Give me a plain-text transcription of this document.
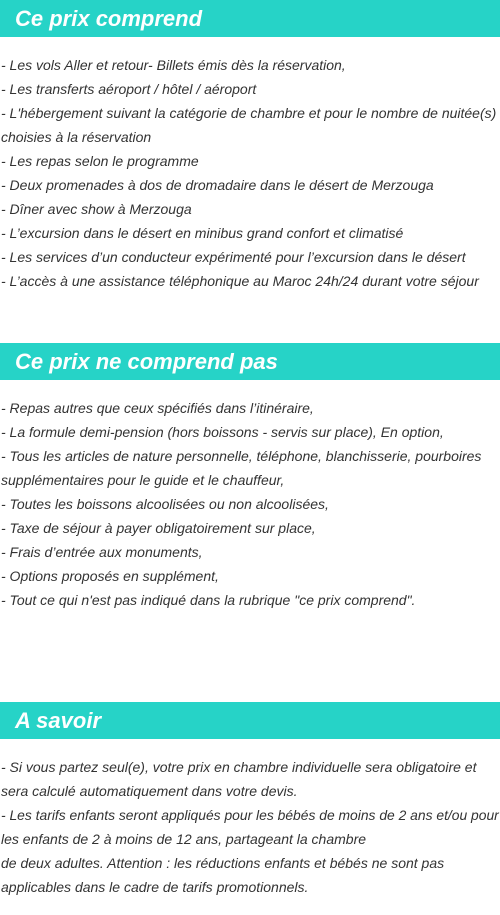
Ce prix comprend
- Les vols Aller et retour- Billets émis dès la réservation,
- Les transferts aéroport / hôtel / aéroport
- L'hébergement suivant la catégorie de chambre et pour le nombre de nuitée(s)
choisies à la réservation
- Les repas selon le programme
- Deux promenades à dos de dromadaire dans le désert de Merzouga
- Dîner avec show à Merzouga
- L’excursion dans le désert en minibus grand confort et climatisé
- Les services d’un conducteur expérimenté pour l’excursion dans le désert
- L’accès à une assistance téléphonique au Maroc 24h/24 durant votre séjour
Ce prix ne comprend pas
- Repas autres que ceux spécifiés dans l’itinéraire,
- La formule demi-pension (hors boissons - servis sur place), En option,
- Tous les articles de nature personnelle, téléphone, blanchisserie, pourboires
supplémentaires pour le guide et le chauffeur,
- Toutes les boissons alcoolisées ou non alcoolisées,
- Taxe de séjour à payer obligatoirement sur place,
- Frais d’entrée aux monuments,
- Options proposés en supplément,
- Tout ce qui n'est pas indiqué dans la rubrique "ce prix comprend".
A savoir
- Si vous partez seul(e), votre prix en chambre individuelle sera obligatoire et
sera calculé automatiquement dans votre devis.
- Les tarifs enfants seront appliqués pour les bébés de moins de 2 ans et/ou pour
les enfants de 2 à moins de 12 ans, partageant la chambre
de deux adultes. Attention : les réductions enfants et bébés ne sont pas
applicables dans le cadre de tarifs promotionnels.
